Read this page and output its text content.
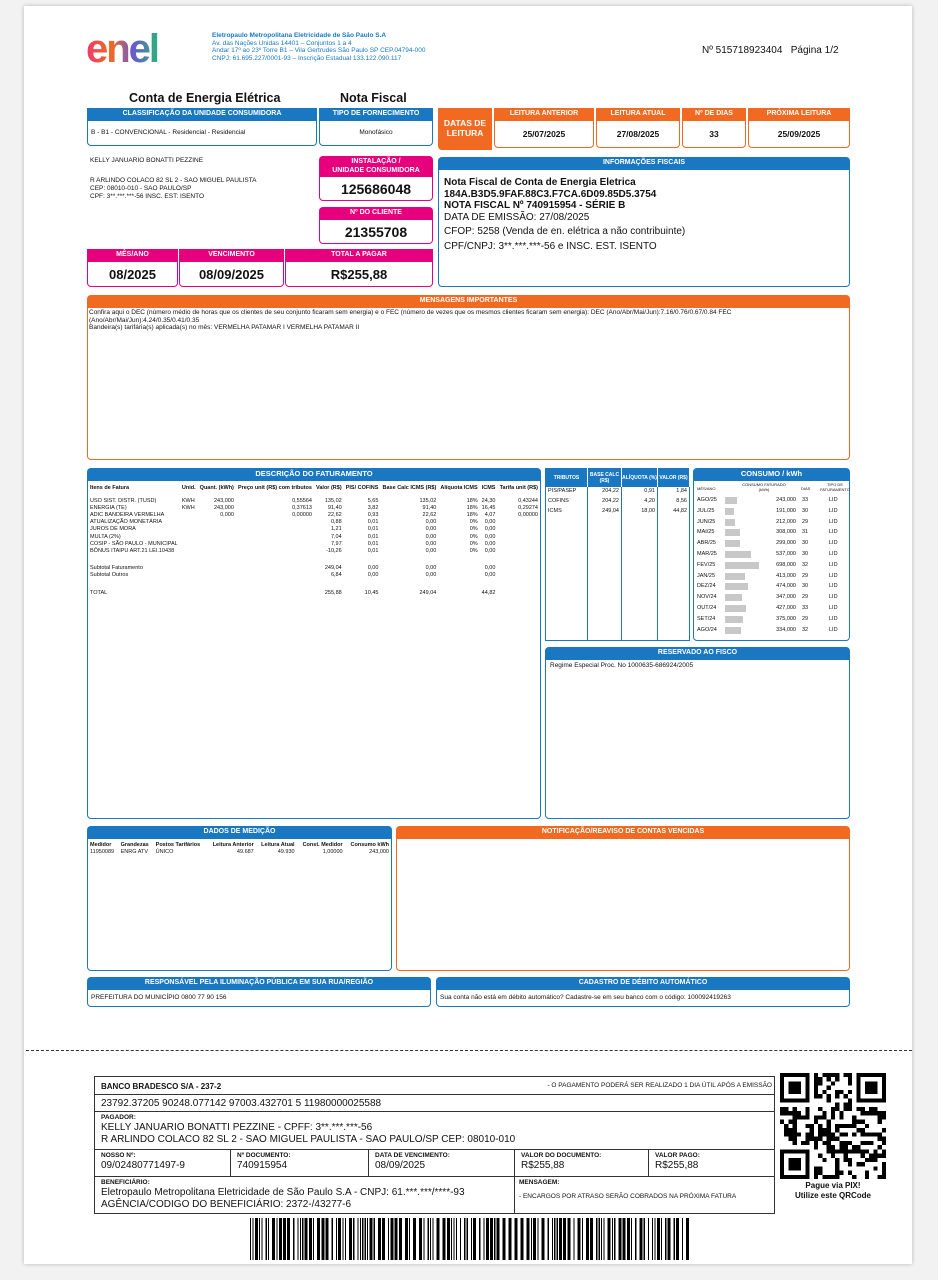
enel	Eletropaulo Metropolitana Eletricidade de São Paulo S.A
Av. das Nações Unidas 14401 – Conjuntos 1 a 4
Andar 17º ao 23º Torre B1 – Vila Gertrudes São Paulo SP CEP.04794-000
CNPJ: 61.695.227/0001-93 – Inscrição Estadual 133.122.090.117
Nº 515718923404 Página 1/2
Conta de Energia Elétrica	Nota Fiscal
CLASSIFICAÇÃO DA UNIDADE CONSUMIDORA
B - B1 - CONVENCIONAL - Residencial - Residencial
TIPO DE FORNECIMENTO
Monofásico
DATAS DE
LEITURA
LEITURA ANTERIOR
25/07/2025
LEITURA ATUAL
27/08/2025
Nº DE DIAS
33
PRÓXIMA LEITURA
25/09/2025
KELLY JANUARIO BONATTI PEZZINE
R ARLINDO COLACO 82 SL 2 - SAO MIGUEL PAULISTA
CEP: 08010-010 - SAO PAULO/SP
CPF: 3**.***.***-56 INSC. EST: ISENTO
INSTALAÇÃO /
UNIDADE CONSUMIDORA
125686048
Nº DO CLIENTE
21355708
MÊS/ANO
08/2025
VENCIMENTO
08/09/2025
TOTAL A PAGAR
R$255,88
INFORMAÇÕES FISCAIS
Nota Fiscal de Conta de Energia Eletrica
184A.B3D5.9FAF.88C3.F7CA.6D09.85D5.3754
NOTA FISCAL Nº 740915954 - SÉRIE B
DATA DE EMISSÃO: 27/08/2025
CFOP: 5258 (Venda de en. elétrica a não contribuinte)
CPF/CNPJ: 3**.***.***-56 e INSC. EST. ISENTO
MENSAGENS IMPORTANTES
Confira aqui o DEC (número médio de horas que os clientes de seu conjunto ficaram sem energia) e o FEC (número de vezes que os mesmos clientes ficaram sem energia): DEC (Ano/Abr/Mai/Jun):7.16/0.76/0.67/0.84 FEC
(Ano/Abr/Mai/Jun):4.24/0.35/0.41/0.35
Bandeira(s) tarifária(s) aplicada(s) no mês: VERMELHA PATAMAR I VERMELHA PATAMAR II
DESCRIÇÃO DO FATURAMENTO
Itens de Fatura	Unid.	Quant. (kWh)	Preço unit (R$) com tributos	Valor (R$)	PIS/ COFINS	Base Calc ICMS (R$)	Alíquota ICMS	ICMS	Tarifa unit (R$)

USO SIST. DISTR. (TUSD)	KWH	243,000	0,55564	135,02	5,65	135,02	18%	24,30	0,43244
ENERGIA (TE)	KWH	243,000	0,37613	91,40	3,82	91,40	18%	16,45	0,29274
ADIC BANDEIRA VERMELHA		0,000	0,00000	22,62	0,93	22,62	18%	4,07	0,00000
ATUALIZAÇÃO MONETÁRIA				0,88	0,01	0,00	0%	0,00	
JUROS DE MORA				1,21	0,01	0,00	0%	0,00	
MULTA (2%)				7,04	0,01	0,00	0%	0,00	
COSIP - SÃO PAULO - MUNICIPAL				7,97	0,01	0,00	0%	0,00	
BÔNUS ITAIPU ART.21 LEI.10438				-10,26	0,01	0,00	0%	0,00	

Subtotal Faturamento				249,04	0,00	0,00		0,00	
Subtotal Outros				6,84	0,00	0,00		0,00	

TOTAL				255,88	10,45	249,04		44,82	
TRIBUTOS	BASE CALC (R$)	ALÍQUOTA (%)	VALOR (R$)
PIS/PASEP	204,22	0,91	1,84
COFINS	204,22	4,20	8,56
ICMS	249,04	18,00	44,82

CONSUMO / kWh
MÊS/ANO
CONSUMO FATURADO (kWh)	DIAS
TIPO DE FATURAMENTO
AGO/25	243,000 33	LID
JUL/25	191,000 30	LID
JUN/25	212,000 29	LID
MAI/25	308,000 31	LID
ABR/25	299,000 30	LID
MAR/25	537,000 30	LID
FEV/25	698,000 32	LID
JAN/25	413,000 29	LID
DEZ/24	474,000 30	LID
NOV/24	347,000 29	LID
OUT/24	427,000 33	LID
SET/24	375,000 29	LID
AGO/24	334,000 32	LID
RESERVADO AO FISCO
Regime Especial Proc. No 1000635-686924/2005
DADOS DE MEDIÇÃO
Medidor	Grandezas	Postos Tarifários	Leitura Anterior	Leitura Atual	Const. Medidor	Consumo kWh
11950089	ENRG ATV	ÚNICO	49.687	49.930	1,00000	243,000
NOTIFICAÇÃO/REAVISO DE CONTAS VENCIDAS
RESPONSÁVEL PELA ILUMINAÇÃO PÚBLICA EM SUA RUA/REGIÃO
PREFEITURA DO MUNICÍPIO 0800 77 90 156
CADASTRO DE DÉBITO AUTOMÁTICO
Sua conta não está em débito automático? Cadastre-se em seu banco com o código: 100092419263
BANCO BRADESCO S/A - 237-2	- O PAGAMENTO PODERÁ SER REALIZADO 1 DIA ÚTIL APÓS A EMISSÃO
23792.37205 90248.077142 97003.432701 5 11980000025588
PAGADOR:
KELLY JANUARIO BONATTI PEZZINE - CPFF: 3**.***.***-56
R ARLINDO COLACO 82 SL 2 - SAO MIGUEL PAULISTA - SAO PAULO/SP CEP: 08010-010
NOSSO Nº:
09/02480771497-9
Nº DOCUMENTO:
740915954
DATA DE VENCIMENTO:
08/09/2025
VALOR DO DOCUMENTO:
R$255,88
VALOR PAGO:
R$255,88
BENEFICIÁRIO:
Eletropaulo Metropolitana Eletricidade de São Paulo S.A - CNPJ: 61.***.***/****-93
AGÊNCIA/CODIGO DO BENEFICIÁRIO: 2372-/43277-6
MENSAGEM:
- ENCARGOS POR ATRASO SERÃO COBRADOS NA PRÓXIMA FATURA
Pague via PIX!
Utilize este QRCode
